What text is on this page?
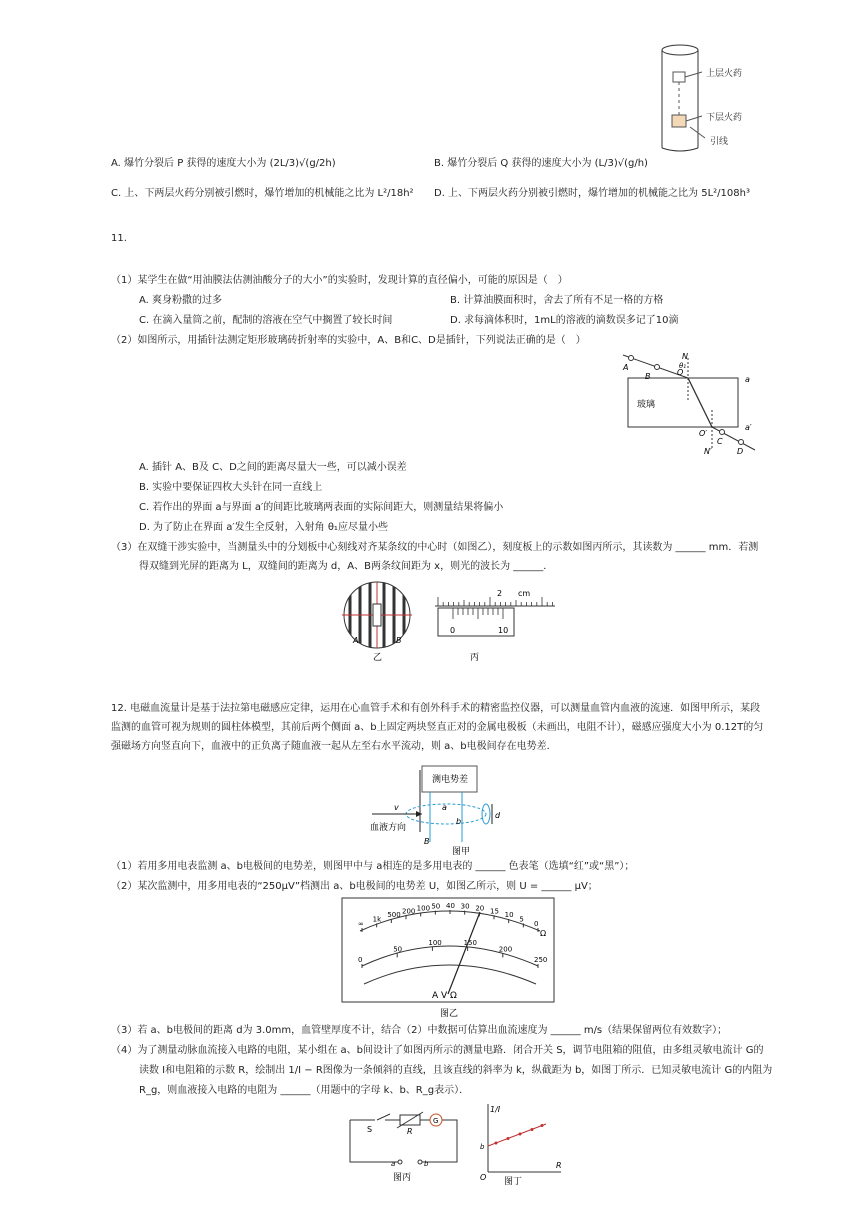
上层火药
下层火药
引线
A. 爆竹分裂后 P 获得的速度大小为 (2L/3)√(g/2h)	B. 爆竹分裂后 Q 获得的速度大小为 (L/3)√(g/h)
C. 上、下两层火药分别被引燃时，爆竹增加的机械能之比为 L²/18h² D. 上、下两层火药分别被引燃时，爆竹增加的机械能之比为 5L²/108h³
11.
（1）某学生在做“用油膜法估测油酸分子的大小”的实验时，发现计算的直径偏小，可能的原因是（　）
A. 爽身粉撒的过多	B. 计算油膜面积时，舍去了所有不足一格的方格
C. 在滴入量筒之前，配制的溶液在空气中搁置了较长时间	D. 求每滴体积时，1mL的溶液的滴数误多记了10滴
（2）如图所示，用插针法测定矩形玻璃砖折射率的实验中，A、B和C、D是插针，下列说法正确的是（　）
玻璃
A
B	O
N
θ₁
O′
C
D
N′
a
a′
A. 插针 A、B及 C、D之间的距离尽量大一些，可以减小误差
B. 实验中要保证四枚大头针在同一直线上
C. 若作出的界面 a与界面 a′的间距比玻璃两表面的实际间距大，则测量结果将偏小
D. 为了防止在界面 a′发生全反射，入射角 θ₁应尽量小些
（3）在双缝干涉实验中，当测量头中的分划板中心刻线对齐某条纹的中心时（如图乙），刻度板上的示数如图丙所示，其读数为 ______ mm．若测
得双缝到光屏的距离为 L，双缝间的距离为 d，A、B两条纹间距为 x，则光的波长为 ______．
A	B
乙
2 cm
0	10
丙
12. 电磁血流量计是基于法拉第电磁感应定律，运用在心血管手术和有创外科手术的精密监控仪器，可以测量血管内血液的流速．如图甲所示，某段
监测的血管可视为规则的圆柱体模型，其前后两个侧面 a、b上固定两块竖直正对的金属电极板（未画出，电阻不计），磁感应强度大小为 0.12T的匀
强磁场方向竖直向下，血液中的正负离子随血液一起从左至右水平流动，则 a、b电极间存在电势差．
测电势差
v
血液方向
a
b
d
B
图甲
（1）若用多用电表监测 a、b电极间的电势差，则图甲中与 a相连的是多用电表的 ______ 色表笔（选填“红”或“黑”）；
（2）某次监测中，用多用电表的“250μV”档测出 a、b电极间的电势差 U，如图乙所示，则 U = ______ μV；
∞
1k
500 200 100 50 40 30 20 15 10
5
0
0
50
100	150
200
250
Ω
A V Ω
图乙
（3）若 a、b电极间的距离 d为 3.0mm，血管壁厚度不计，结合（2）中数据可估算出血流速度为 ______ m/s（结果保留两位有效数字）；
（4）为了测量动脉血流接入电路的电阻，某小组在 a、b间设计了如图丙所示的测量电路．闭合开关 S，调节电阻箱的阻值，由多组灵敏电流计 G的
读数 I和电阻箱的示数 R，绘制出 1/I − R图像为一条倾斜的直线，且该直线的斜率为 k，纵截距为 b，如图丁所示．已知灵敏电流计 G的内阻为
R_g，则血液接入电路的电阻为 ______（用题中的字母 k、b、R_g表示）．
G
S	R
a	b
图丙
1/I
R
O
b
图丁
